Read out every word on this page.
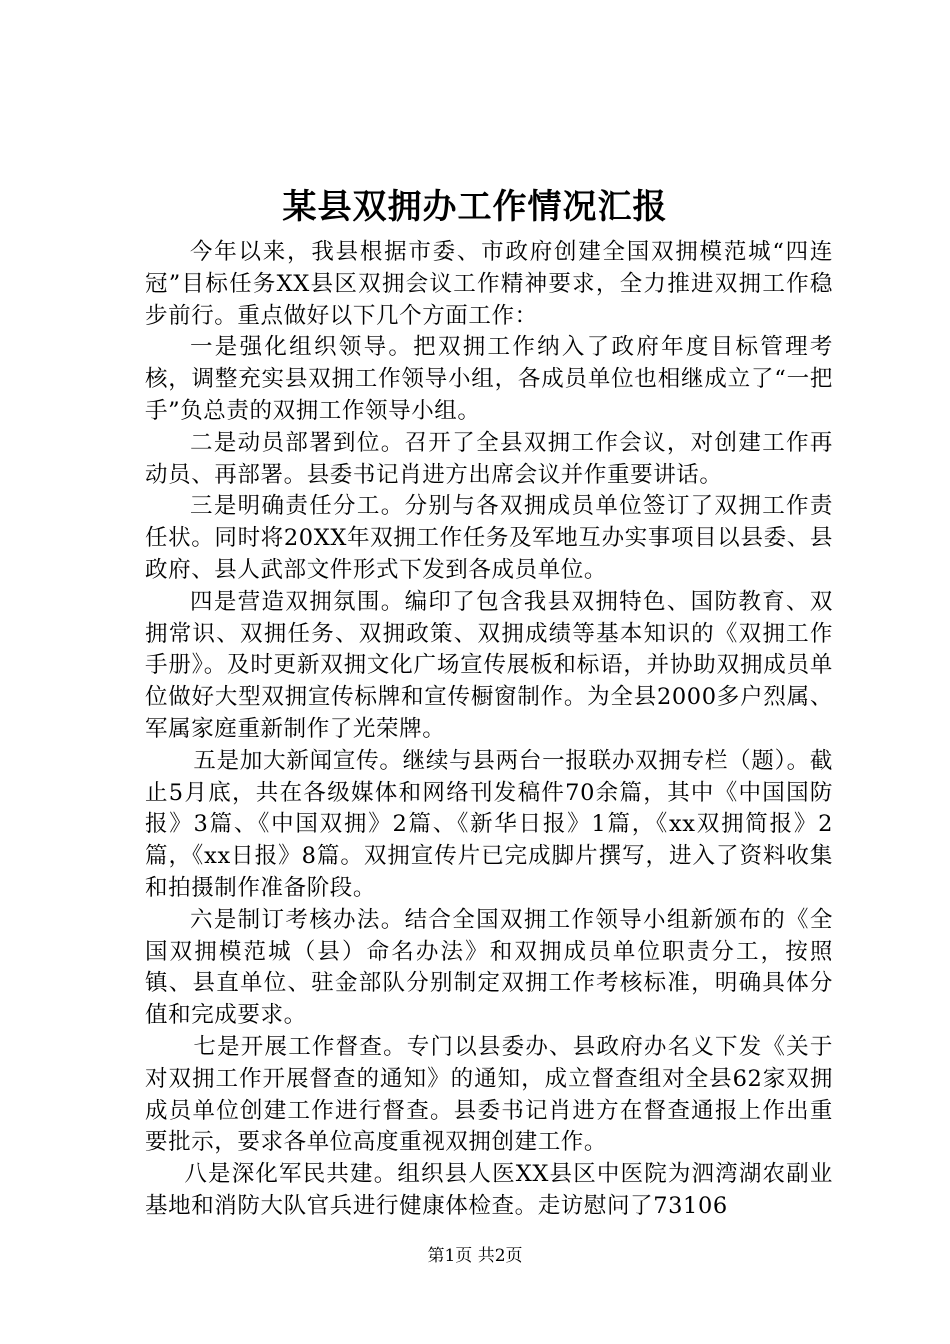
某县双拥办工作情况汇报

今年以来，我县根据市委、市政府创建全国双拥模范城“四连冠”目标任务XX县区双拥会议工作精神要求，全力推进双拥工作稳步前行。重点做好以下几个方面工作：

一是强化组织领导。把双拥工作纳入了政府年度目标管理考核，调整充实县双拥工作领导小组，各成员单位也相继成立了“一把手”负总责的双拥工作领导小组。

二是动员部署到位。召开了全县双拥工作会议，对创建工作再动员、再部署。县委书记肖进方出席会议并作重要讲话。

三是明确责任分工。分别与各双拥成员单位签订了双拥工作责任状。同时将20XX年双拥工作任务及军地互办实事项目以县委、县政府、县人武部文件形式下发到各成员单位。

四是营造双拥氛围。编印了包含我县双拥特色、国防教育、双拥常识、双拥任务、双拥政策、双拥成绩等基本知识的《双拥工作手册》。及时更新双拥文化广场宣传展板和标语，并协助双拥成员单位做好大型双拥宣传标牌和宣传橱窗制作。为全县2000多户烈属、军属家庭重新制作了光荣牌。

五是加大新闻宣传。继续与县两台一报联办双拥专栏（题）。截止5月底，共在各级媒体和网络刊发稿件70余篇，其中《中国国防报》3篇、《中国双拥》2篇、《新华日报》1篇，《xx双拥简报》2篇，《xx日报》8篇。双拥宣传片已完成脚片撰写，进入了资料收集和拍摄制作准备阶段。

六是制订考核办法。结合全国双拥工作领导小组新颁布的《全国双拥模范城（县）命名办法》和双拥成员单位职责分工，按照镇、县直单位、驻金部队分别制定双拥工作考核标准，明确具体分值和完成要求。

七是开展工作督查。专门以县委办、县政府办名义下发《关于对双拥工作开展督查的通知》的通知，成立督查组对全县62家双拥成员单位创建工作进行督查。县委书记肖进方在督查通报上作出重要批示，要求各单位高度重视双拥创建工作。

八是深化军民共建。组织县人医XX县区中医院为泗湾湖农副业基地和消防大队官兵进行健康体检查。走访慰问了73106

第1页 共2页
